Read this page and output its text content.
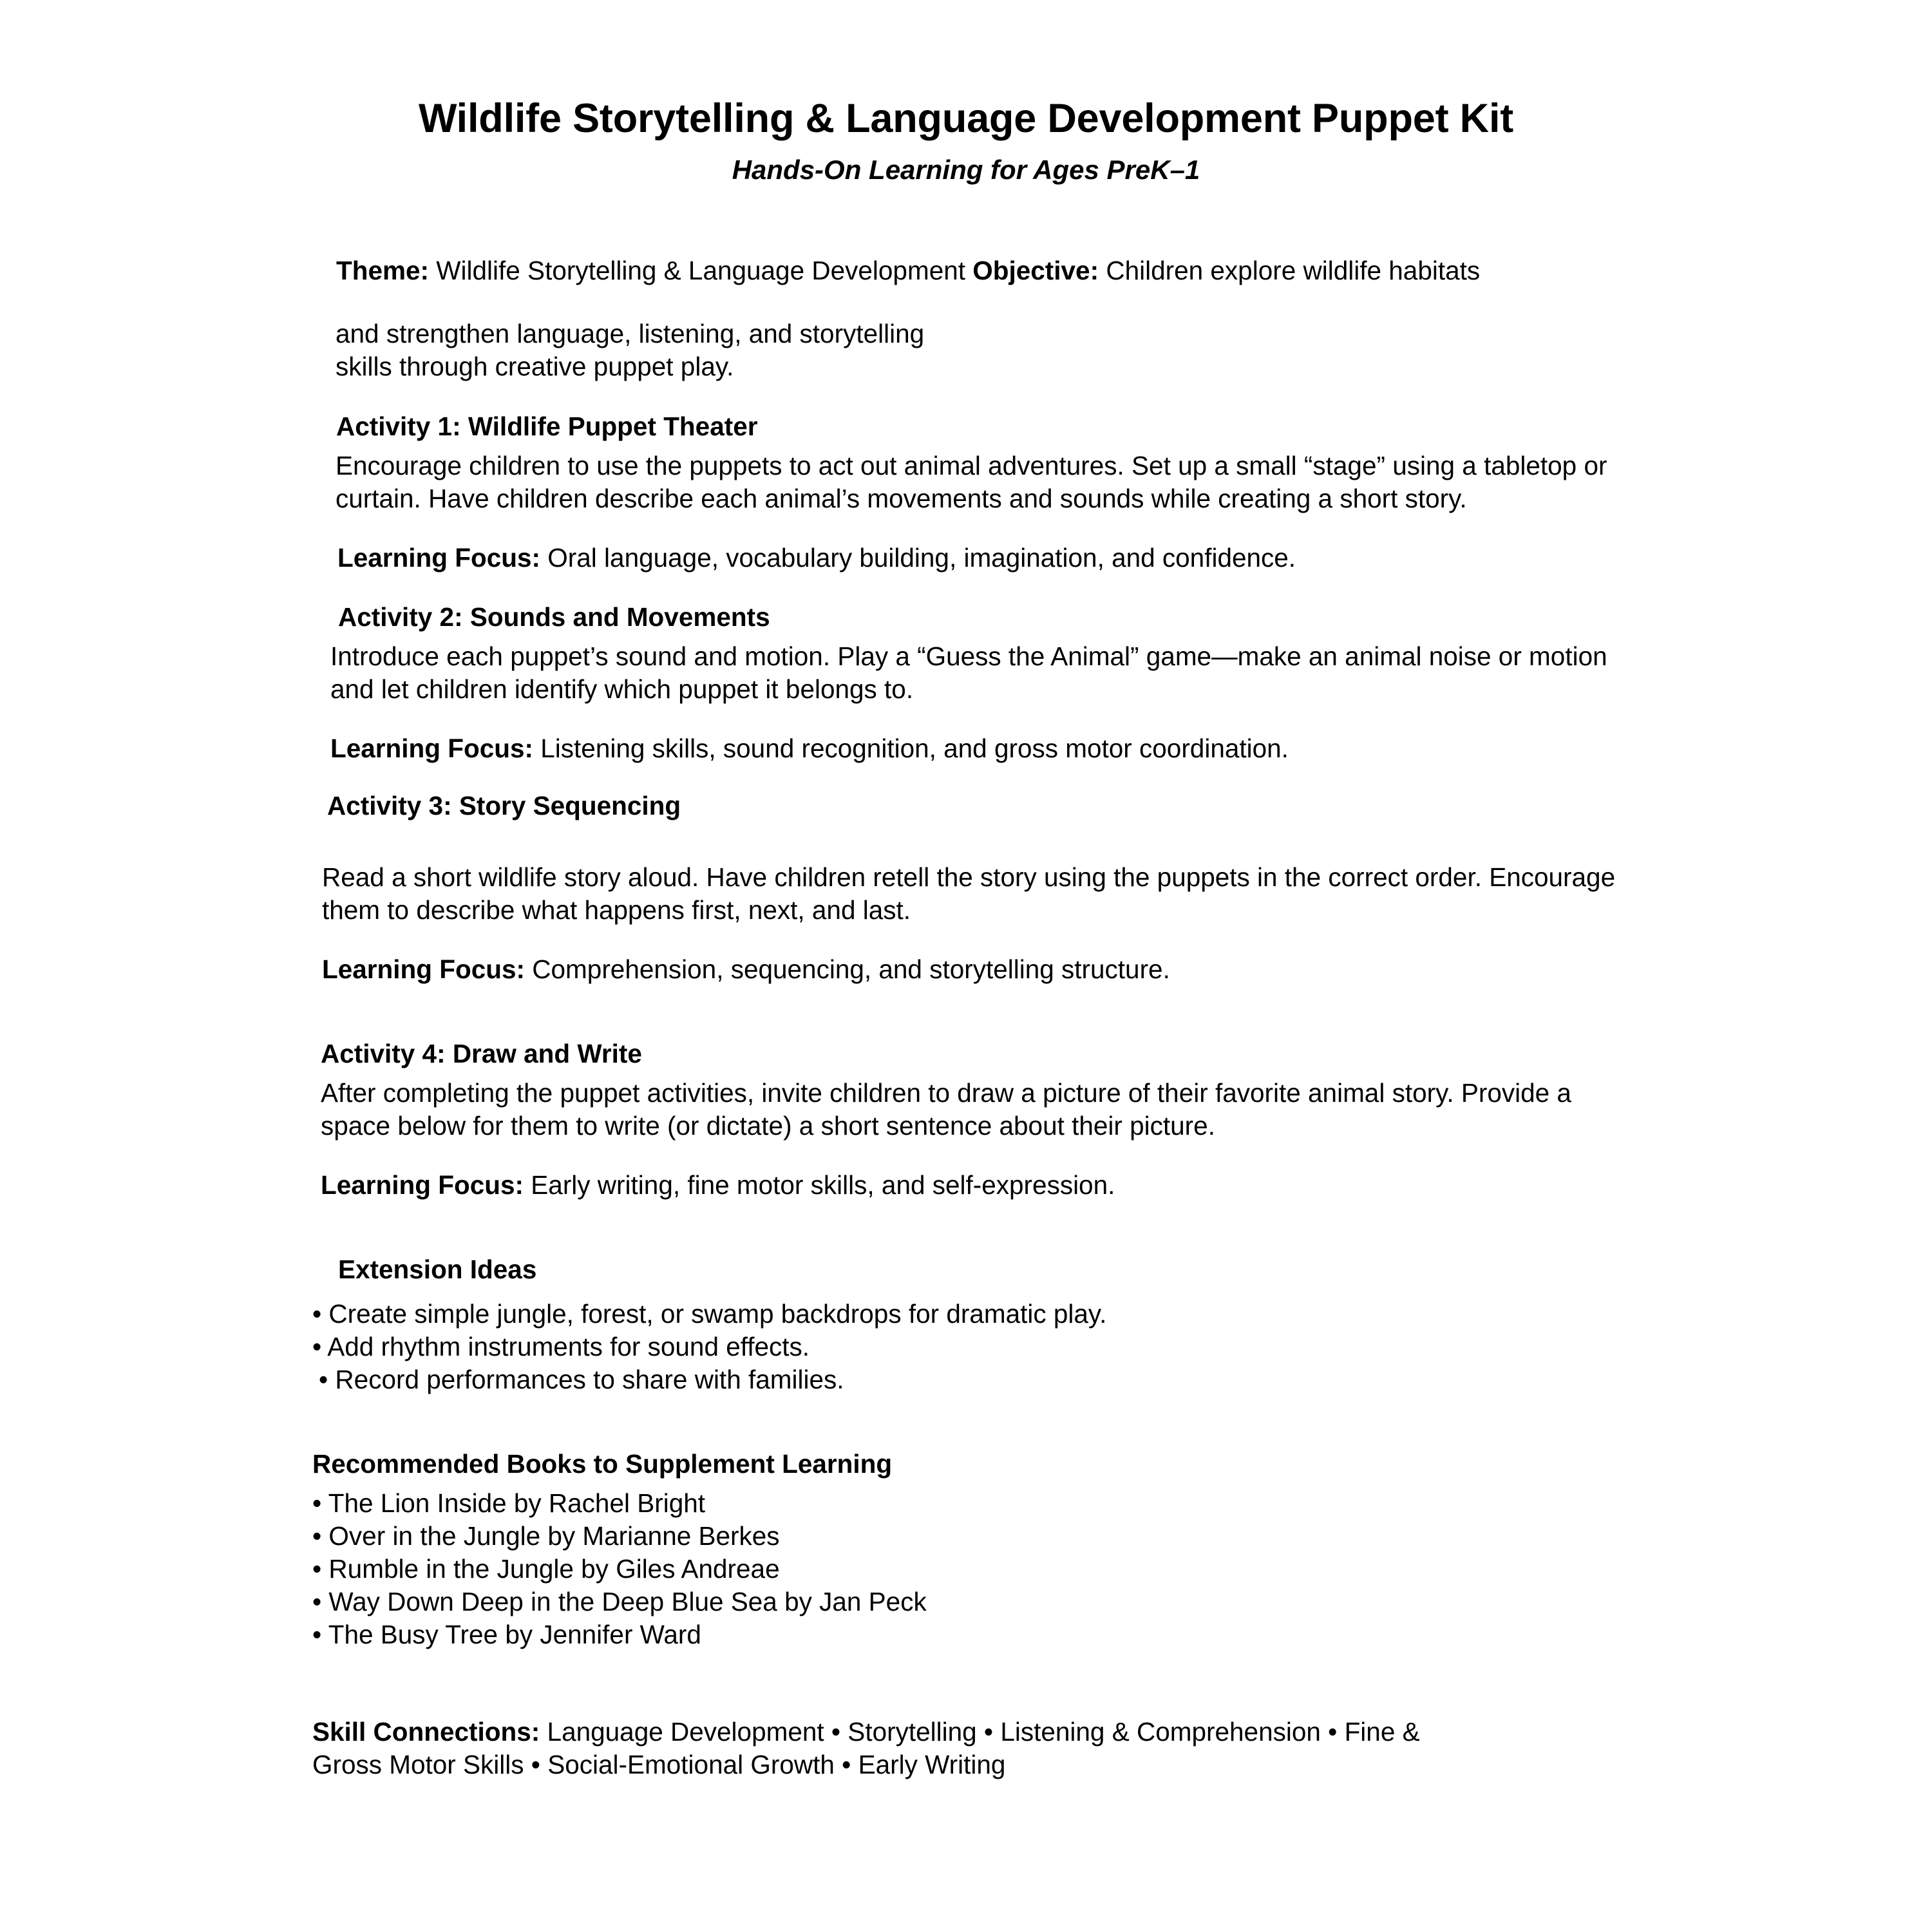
Wildlife Storytelling & Language Development Puppet Kit
Hands-On Learning for Ages PreK–1

Theme: Wildlife Storytelling & Language Development Objective: Children explore wildlife habitats

and strengthen language, listening, and storytelling

skills through creative puppet play.

Activity 1: Wildlife Puppet Theater

Encourage children to use the puppets to act out animal adventures. Set up a small “stage” using a tabletop or curtain. Have children describe each animal’s movements and sounds while creating a short story.

Learning Focus: Oral language, vocabulary building, imagination, and confidence.

Activity 2: Sounds and Movements

Introduce each puppet’s sound and motion. Play a “Guess the Animal” game—make an animal noise or motion and let children identify which puppet it belongs to.

Learning Focus: Listening skills, sound recognition, and gross motor coordination.

Activity 3: Story Sequencing

Read a short wildlife story aloud. Have children retell the story using the puppets in the correct order. Encourage them to describe what happens first, next, and last.

Learning Focus: Comprehension, sequencing, and storytelling structure.

Activity 4: Draw and Write

After completing the puppet activities, invite children to draw a picture of their favorite animal story. Provide a space below for them to write (or dictate) a short sentence about their picture.

Learning Focus: Early writing, fine motor skills, and self-expression.

Extension Ideas

• Create simple jungle, forest, or swamp backdrops for dramatic play.

• Add rhythm instruments for sound effects.

• Record performances to share with families.

Recommended Books to Supplement Learning

• The Lion Inside by Rachel Bright

• Over in the Jungle by Marianne Berkes

• Rumble in the Jungle by Giles Andreae

• Way Down Deep in the Deep Blue Sea by Jan Peck

• The Busy Tree by Jennifer Ward

Skill Connections: Language Development • Storytelling • Listening & Comprehension • Fine &

Gross Motor Skills • Social-Emotional Growth • Early Writing
